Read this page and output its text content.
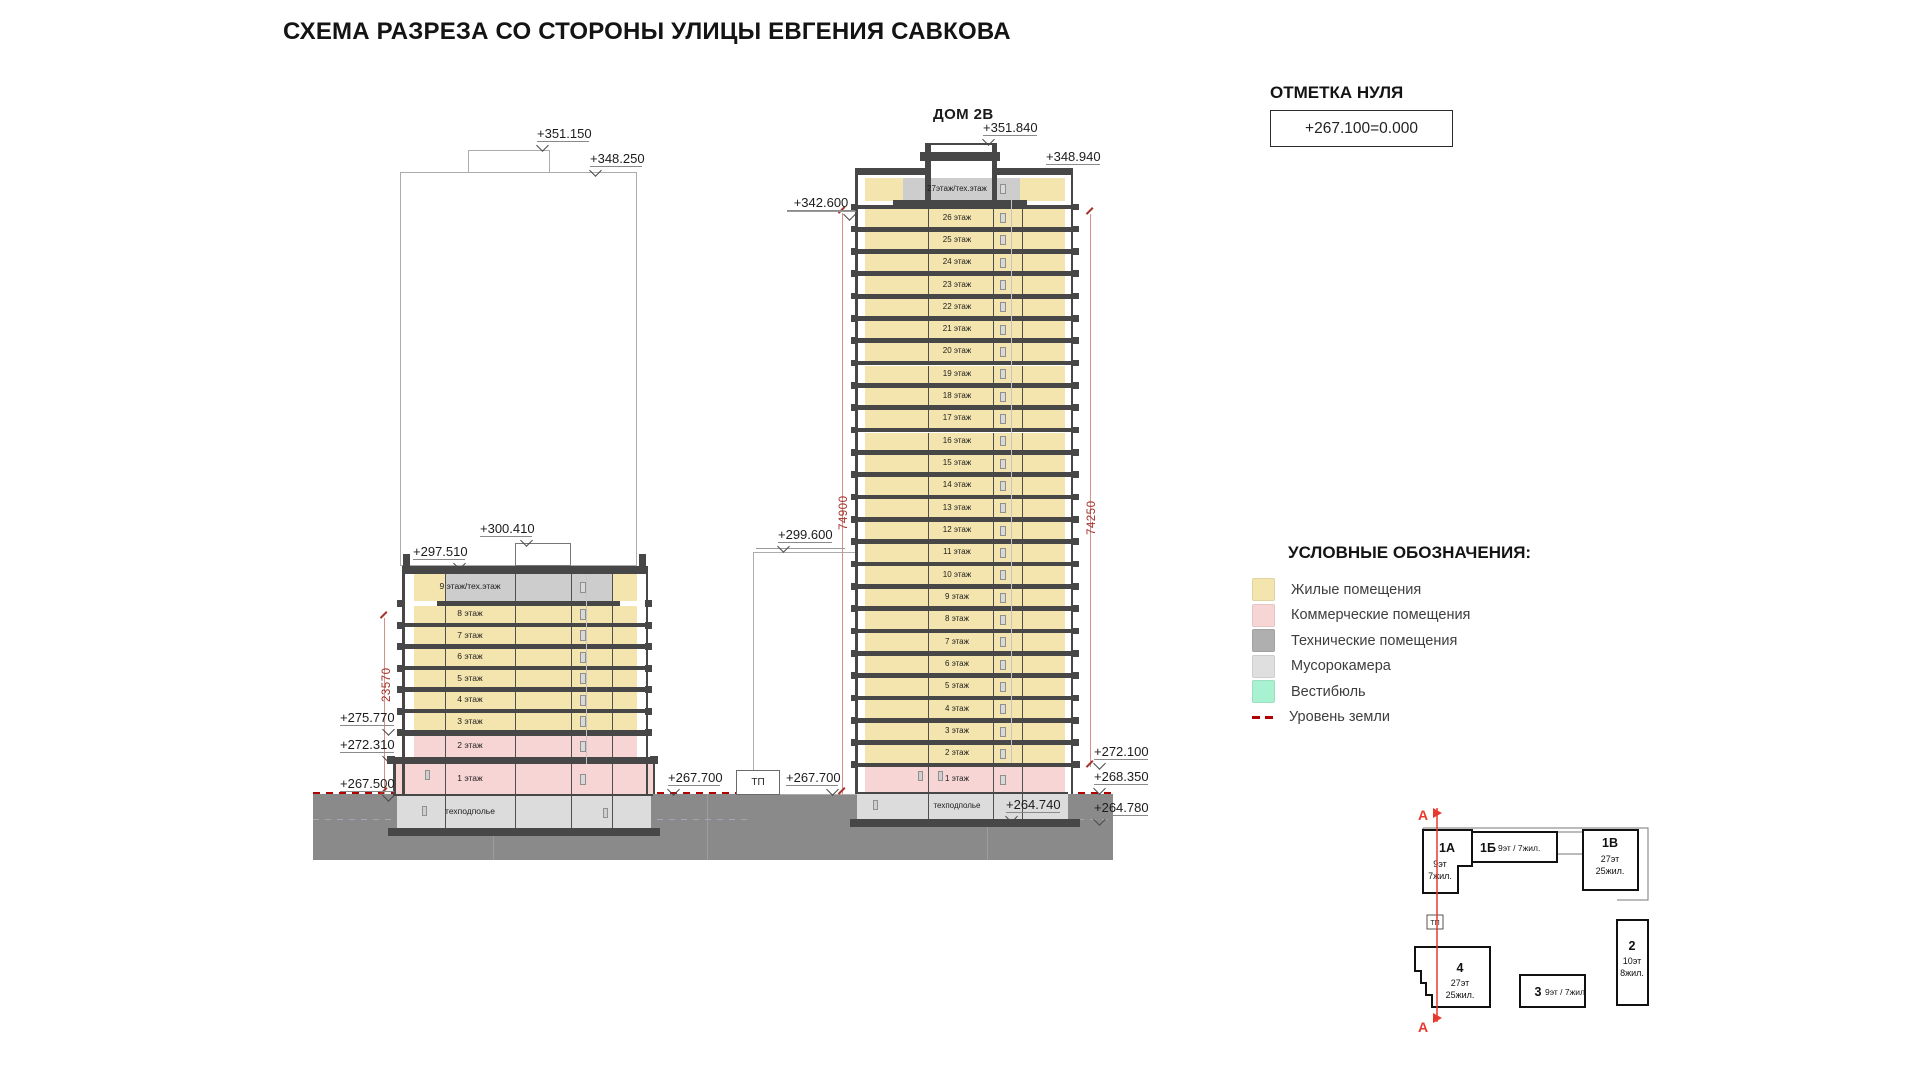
СХЕМА РАЗРЕЗА СО СТОРОНЫ УЛИЦЫ ЕВГЕНИЯ САВКОВА
ОТМЕТКА НУЛЯ
+267.100=0.000
УСЛОВНЫЕ ОБОЗНАЧЕНИЯ:
Жилые помещения
Коммерческие помещения
Технические помещения
Мусорокамера
Вестибюль
Уровень земли
ДОМ 2В
9 этаж/тех.этаж
8 этаж
7 этаж
6 этаж
5 этаж
4 этаж
3 этаж
2 этаж
1 этаж
техподполье
27этаж/тех.этаж
26 этаж
25 этаж
24 этаж
23 этаж
22 этаж
21 этаж
20 этаж
19 этаж
18 этаж
17 этаж
16 этаж
15 этаж
14 этаж
13 этаж
12 этаж
11 этаж
10 этаж
9 этаж
8 этаж
7 этаж
6 этаж
5 этаж
4 этаж
3 этаж
2 этаж
1 этаж
техподполье
ТП
23570
74900	74250
+351.150
+348.250
+300.410
+297.510
+275.770
+272.310
+267.500	+267.700	+267.700
+351.840
+348.940
+342.600
+299.600
+272.100
+268.350
+264.780
+264.740
ТП
1А
9эт
7жил.
1Б 9эт / 7жил.	1В
27эт
25жил.
2
10эт
8жил.
3 9эт / 7жил
4
27эт
25жил.
А
А
